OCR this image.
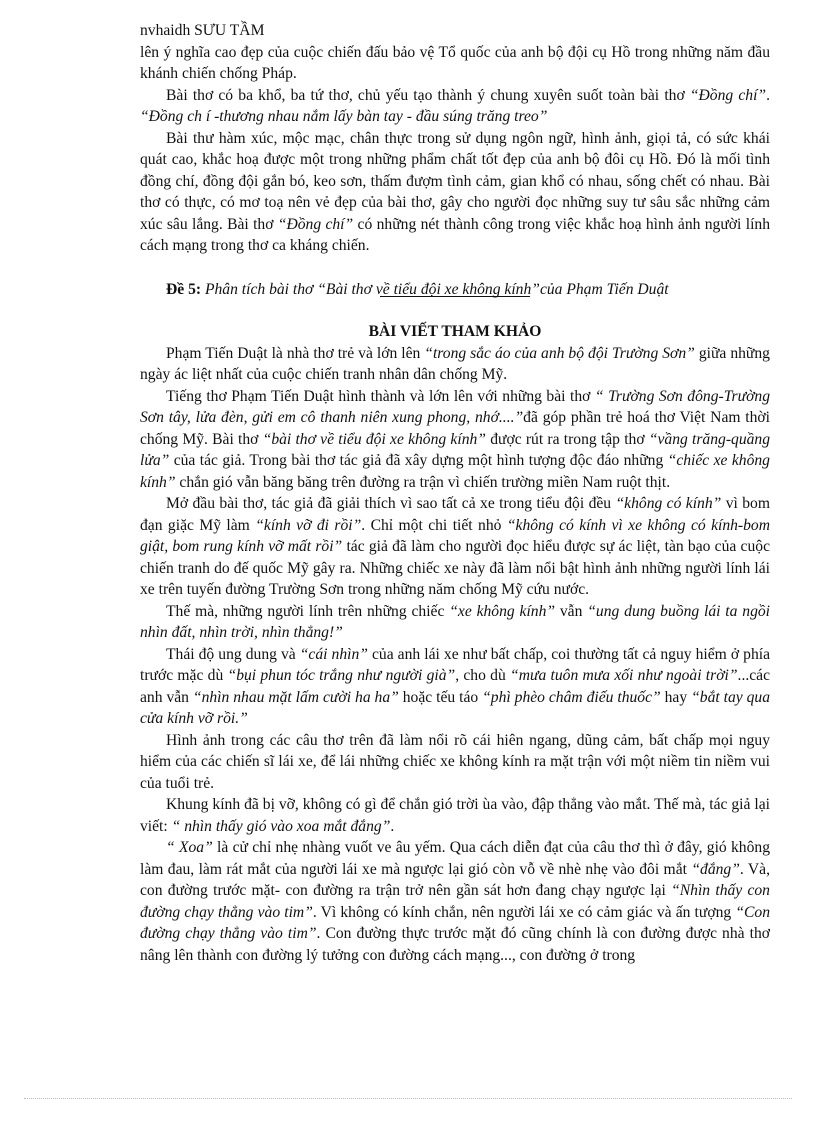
nvhaidh SƯU TẦM

lên ý nghĩa cao đẹp của cuộc chiến đấu bảo vệ Tổ quốc của anh bộ đội cụ Hồ trong những năm đầu khánh chiến chống Pháp.

Bài thơ có ba khổ, ba tứ thơ, chủ yếu tạo thành ý chung xuyên suốt toàn bài thơ “Đồng chí”. “Đồng ch í -thương nhau nắm lấy bàn tay - đầu súng trăng treo”

Bài thư hàm xúc, mộc mạc, chân thực trong sử dụng ngôn ngữ, hình ảnh, giọi tả, có sức khái quát cao, khắc hoạ được một trong những phẩm chất tốt đẹp của anh bộ đôi cụ Hồ. Đó là mối tình đồng chí, đồng đội gắn bó, keo sơn, thấm đượm tình cảm, gian khổ có nhau, sống chết có nhau. Bài thơ có thực, có mơ toạ nên vẻ đẹp của bài thơ, gây cho người đọc những suy tư sâu sắc những cảm xúc sâu lắng. Bài thơ “Đồng chí” có những nét thành công trong việc khắc hoạ hình ảnh người lính cách mạng trong thơ ca kháng chiến.

Đề 5: Phân tích bài thơ “Bài thơ về tiểu đội xe không kính”của Phạm Tiến Duật

BÀI VIẾT THAM KHẢO

Phạm Tiến Duật là nhà thơ trẻ và lớn lên “trong sắc áo của anh bộ đội Trường Sơn” giữa những ngày ác liệt nhất của cuộc chiến tranh nhân dân chống Mỹ.

Tiếng thơ Phạm Tiến Duật hình thành và lớn lên với những bài thơ “ Trường Sơn đông-Trường Sơn tây, lửa đèn, gửi em cô thanh niên xung phong, nhớ....”đã góp phần trẻ hoá thơ Việt Nam thời chống Mỹ. Bài thơ “bài thơ về tiểu đội xe không kính” được rút ra trong tập thơ “vầng trăng-quầng lửa” của tác giả. Trong bài thơ tác giả đã xây dựng một hình tượng độc đáo những “chiếc xe không kính” chắn gió vẫn băng băng trên đường ra trận vì chiến trường miền Nam ruột thịt.

Mở đầu bài thơ, tác giả đã giải thích vì sao tất cả xe trong tiểu đội đều “không có kính” vì bom đạn giặc Mỹ làm “kính vỡ đi rồi”. Chỉ một chi tiết nhỏ “không có kính vì xe không có kính-bom giật, bom rung kính vỡ mất rồi” tác giả đã làm cho người đọc hiểu được sự ác liệt, tàn bạo của cuộc chiến tranh do đế quốc Mỹ gây ra. Những chiếc xe này đã làm nổi bật hình ảnh những người lính lái xe trên tuyến đường Trường Sơn trong những năm chống Mỹ cứu nước.

Thế mà, những người lính trên những chiếc “xe không kính” vẫn “ung dung buồng lái ta ngồi nhìn đất, nhìn trời, nhìn thẳng!”

Thái độ ung dung và “cái nhìn” của anh lái xe như bất chấp, coi thường tất cả nguy hiểm ở phía trước mặc dù “bụi phun tóc trắng như người già”, cho dù “mưa tuôn mưa xối như ngoài trời”...các anh vẫn “nhìn nhau mặt lấm cười ha ha” hoặc tếu táo “phì phèo châm điếu thuốc” hay “bắt tay qua cửa kính vỡ rồi.”

Hình ảnh trong các câu thơ trên đã làm nổi rõ cái hiên ngang, dũng cảm, bất chấp mọi nguy hiểm của các chiến sĩ lái xe, để lái những chiếc xe không kính ra mặt trận với một niềm tin niềm vui của tuổi trẻ.

Khung kính đã bị vỡ, không có gì để chắn gió trời ùa vào, đập thẳng vào mắt. Thế mà, tác giả lại viết: “ nhìn thấy gió vào xoa mắt đắng”.

“ Xoa” là cử chỉ nhẹ nhàng vuốt ve âu yếm. Qua cách diễn đạt của câu thơ thì ở đây, gió không làm đau, làm rát mắt của người lái xe mà ngược lại gió còn vỗ về nhè nhẹ vào đôi mắt “đắng”. Và, con đường trước mặt- con đường ra trận trở nên gần sát hơn đang chạy ngược lại “Nhìn thấy con đường chạy thẳng vào tim”. Vì không có kính chắn, nên người lái xe có cảm giác và ấn tượng “Con đường chạy thẳng vào tim”. Con đường thực trước mặt đó cũng chính là con đường được nhà thơ nâng lên thành con đường lý tưởng con đường cách mạng..., con đường ở trong
